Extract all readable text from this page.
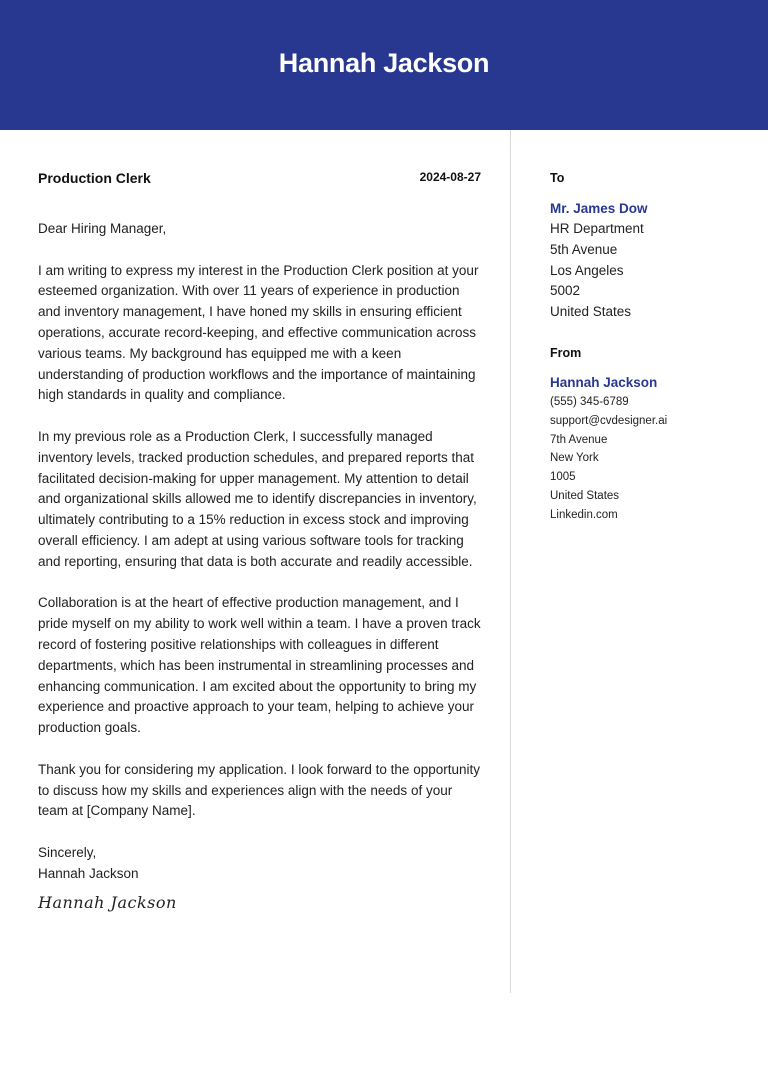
Hannah Jackson
Production Clerk	2024-08-27
Dear Hiring Manager,
I am writing to express my interest in the Production Clerk position at your esteemed organization. With over 11 years of experience in production and inventory management, I have honed my skills in ensuring efficient operations, accurate record-keeping, and effective communication across various teams. My background has equipped me with a keen understanding of production workflows and the importance of maintaining high standards in quality and compliance.
In my previous role as a Production Clerk, I successfully managed inventory levels, tracked production schedules, and prepared reports that facilitated decision-making for upper management. My attention to detail and organizational skills allowed me to identify discrepancies in inventory, ultimately contributing to a 15% reduction in excess stock and improving overall efficiency. I am adept at using various software tools for tracking and reporting, ensuring that data is both accurate and readily accessible.
Collaboration is at the heart of effective production management, and I pride myself on my ability to work well within a team. I have a proven track record of fostering positive relationships with colleagues in different departments, which has been instrumental in streamlining processes and enhancing communication. I am excited about the opportunity to bring my experience and proactive approach to your team, helping to achieve your production goals.
Thank you for considering my application. I look forward to the opportunity to discuss how my skills and experiences align with the needs of your team at [Company Name].
Sincerely,
Hannah Jackson
Hannah Jackson
To
Mr. James Dow
HR Department
5th Avenue
Los Angeles
5002
United States
From
Hannah Jackson
(555) 345-6789
support@cvdesigner.ai
7th Avenue
New York
1005
United States
Linkedin.com
